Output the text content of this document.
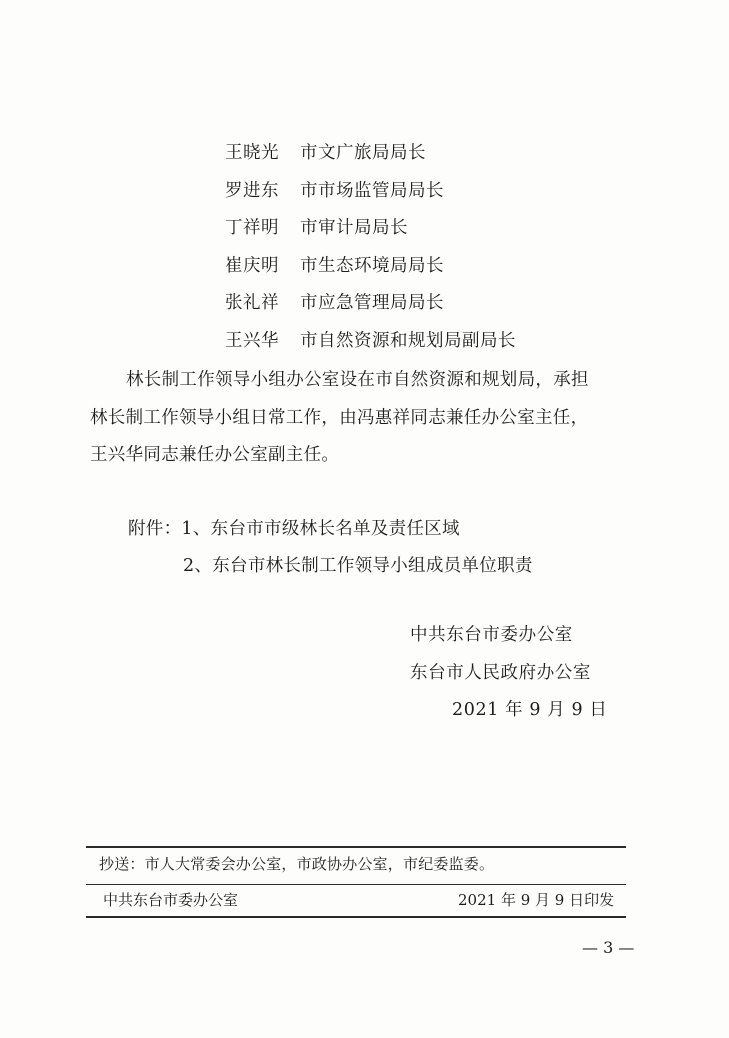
王晓光	市文广旅局局长
罗进东	市市场监管局局长
丁祥明	市审计局局长
崔庆明	市生态环境局局长
张礼祥	市应急管理局局长
王兴华	市自然资源和规划局副局长

林长制工作领导小组办公室设在市自然资源和规划局，承担
林长制工作领导小组日常工作，由冯惠祥同志兼任办公室主任，
王兴华同志兼任办公室副主任。

附件：1、东台市市级林长名单及责任区域
2、东台市林长制工作领导小组成员单位职责
中共东台市委办公室
东台市人民政府办公室
2021 年 9 月 9 日
抄送：市人大常委会办公室，市政协办公室，市纪委监委。
中共东台市委办公室	2021 年 9 月 9 日印发
— 3 —
